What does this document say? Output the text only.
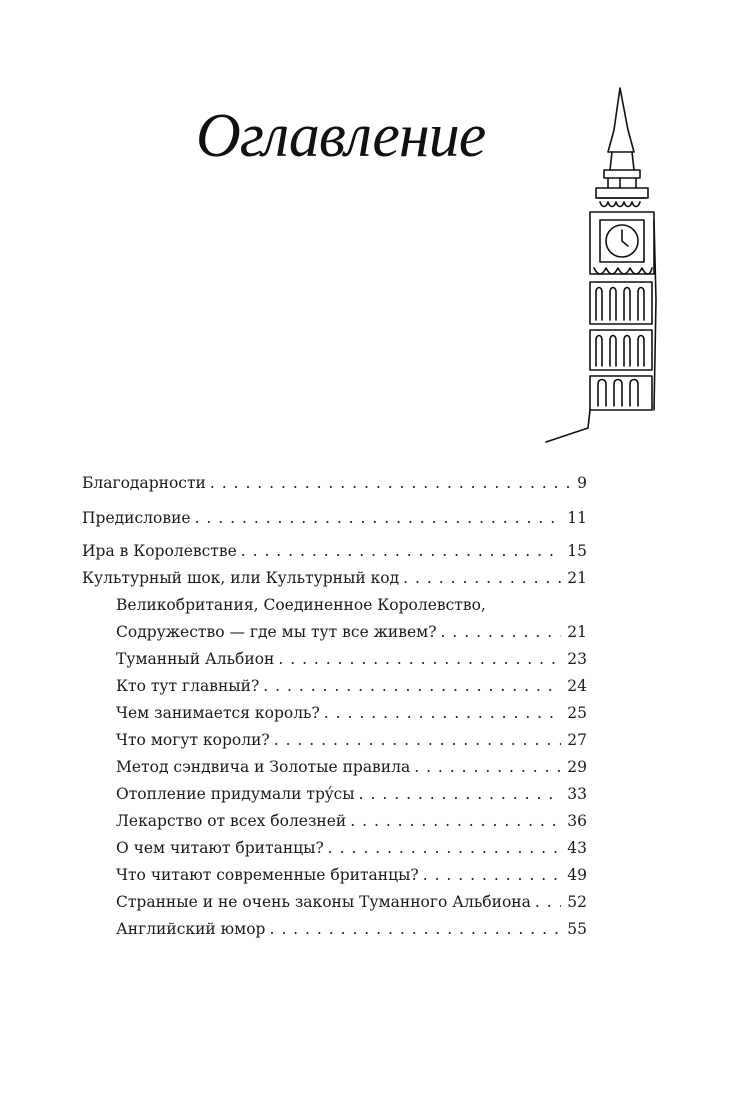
Оглавление
Благодарности . . .	9
Предисловие . . .	11
Ира в Королевстве . . .	15
Культурный шок, или Культурный код . . .	21
Великобритания, Соединенное Королевство,
Содружество — где мы тут все живем? . . .	21
Туманный Альбион . . .	23
Кто тут главный? . . .	24
Чем занимается король? . . .	25
Что могут короли? . . .	27
Метод сэндвича и Золотые правила . . .	29
Отопление придумали трýсы . . .	33
Лекарство от всех болезней . . .	36
О чем читают британцы? . . .	43
Что читают современные британцы? . . .	49
Странные и не очень законы Туманного Альбиона . . .	52
Английский юмор . . .	55
